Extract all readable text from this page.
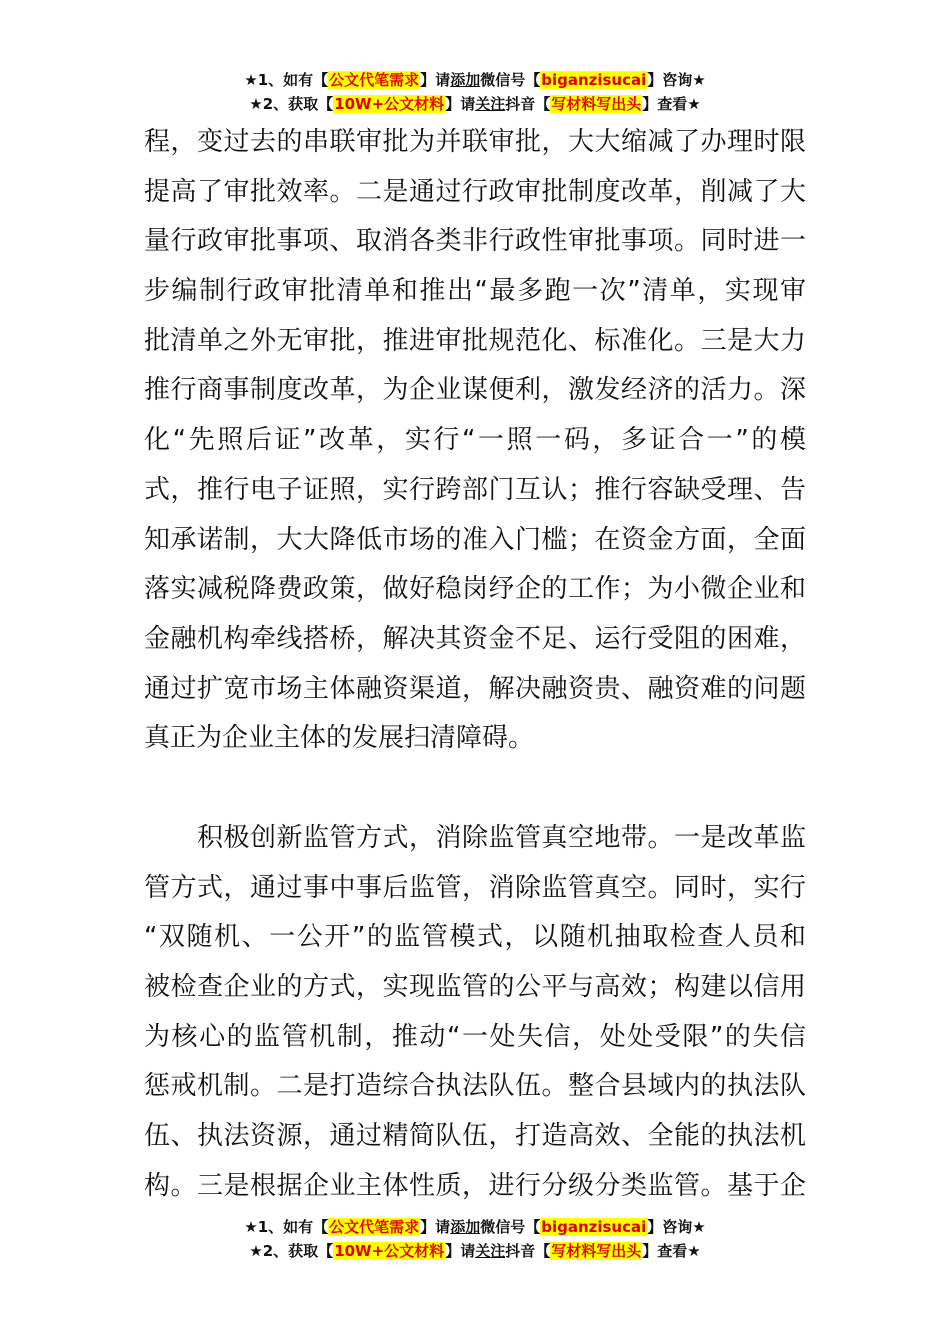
★1、如有【公文代笔需求】请添加微信号【biganzisucai】咨询★
★2、获取【10W+公文材料】请关注抖音【写材料写出头】查看★
程，变过去的串联审批为并联审批，大大缩减了办理时限
提高了审批效率。二是通过行政审批制度改革，削减了大
量行政审批事项、取消各类非行政性审批事项。同时进一
步编制行政审批清单和推出“最多跑一次”清单，实现审
批清单之外无审批，推进审批规范化、标准化。三是大力
推行商事制度改革，为企业谋便利，激发经济的活力。深
化“先照后证”改革，实行“一照一码，多证合一”的模
式，推行电子证照，实行跨部门互认；推行容缺受理、告
知承诺制，大大降低市场的准入门槛；在资金方面，全面
落实减税降费政策，做好稳岗纾企的工作；为小微企业和
金融机构牵线搭桥，解决其资金不足、运行受阻的困难，
通过扩宽市场主体融资渠道，解决融资贵、融资难的问题
真正为企业主体的发展扫清障碍。
　　积极创新监管方式，消除监管真空地带。一是改革监
管方式，通过事中事后监管，消除监管真空。同时，实行
“双随机、一公开”的监管模式，以随机抽取检查人员和
被检查企业的方式，实现监管的公平与高效；构建以信用
为核心的监管机制，推动“一处失信，处处受限”的失信
惩戒机制。二是打造综合执法队伍。整合县域内的执法队
伍、执法资源，通过精简队伍，打造高效、全能的执法机
构。三是根据企业主体性质，进行分级分类监管。基于企
★1、如有【公文代笔需求】请添加微信号【biganzisucai】咨询★
★2、获取【10W+公文材料】请关注抖音【写材料写出头】查看★
